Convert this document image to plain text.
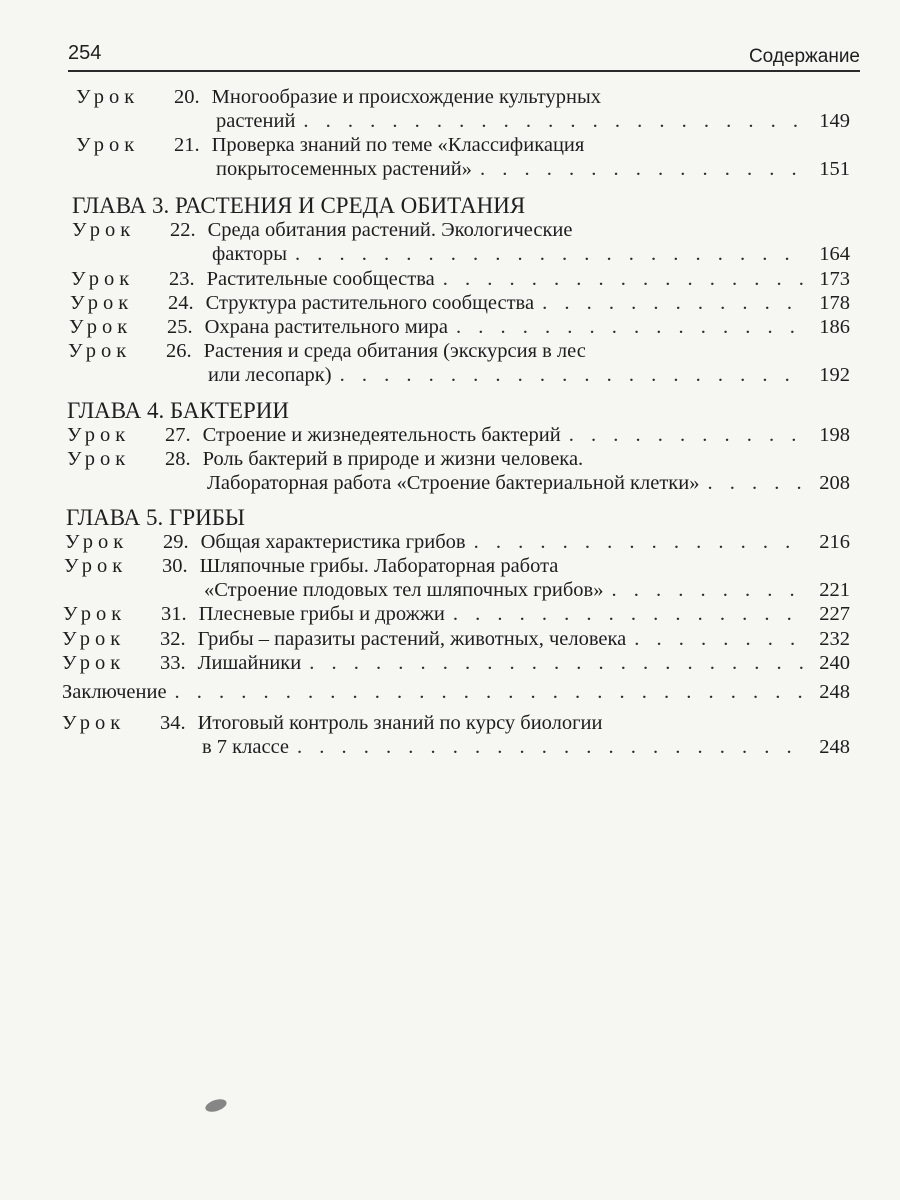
254	Содержание
Урок	20. Многообразие и происхождение культурных
растений . . .	149
Урок	21. Проверка знаний по теме «Классификация
покрытосеменных растений» . . .	151
ГЛАВА 3. РАСТЕНИЯ И СРЕДА ОБИТАНИЯ
Урок	22. Среда обитания растений. Экологические
факторы . . .	164
Урок	23. Растительные сообщества . . .	173
Урок	24. Структура растительного сообщества . . .	178
Урок	25. Охрана растительного мира . . .	186
Урок	26. Растения и среда обитания (экскурсия в лес
или лесопарк) . . .	192
ГЛАВА 4. БАКТЕРИИ
Урок	27. Строение и жизнедеятельность бактерий . . .	198
Урок	28. Роль бактерий в природе и жизни человека.
Лабораторная работа «Строение бактериальной клетки» . . .	208
ГЛАВА 5. ГРИБЫ
Урок	29. Общая характеристика грибов . . .	216
Урок	30. Шляпочные грибы. Лабораторная работа
«Строение плодовых тел шляпочных грибов» . . .	221
Урок	31. Плесневые грибы и дрожжи . . .	227
Урок	32. Грибы – паразиты растений, животных, человека . . .	232
Урок	33. Лишайники . . .	240
Заключение . . .	248
Урок	34. Итоговый контроль знаний по курсу биологии
в 7 классе . . .	248
